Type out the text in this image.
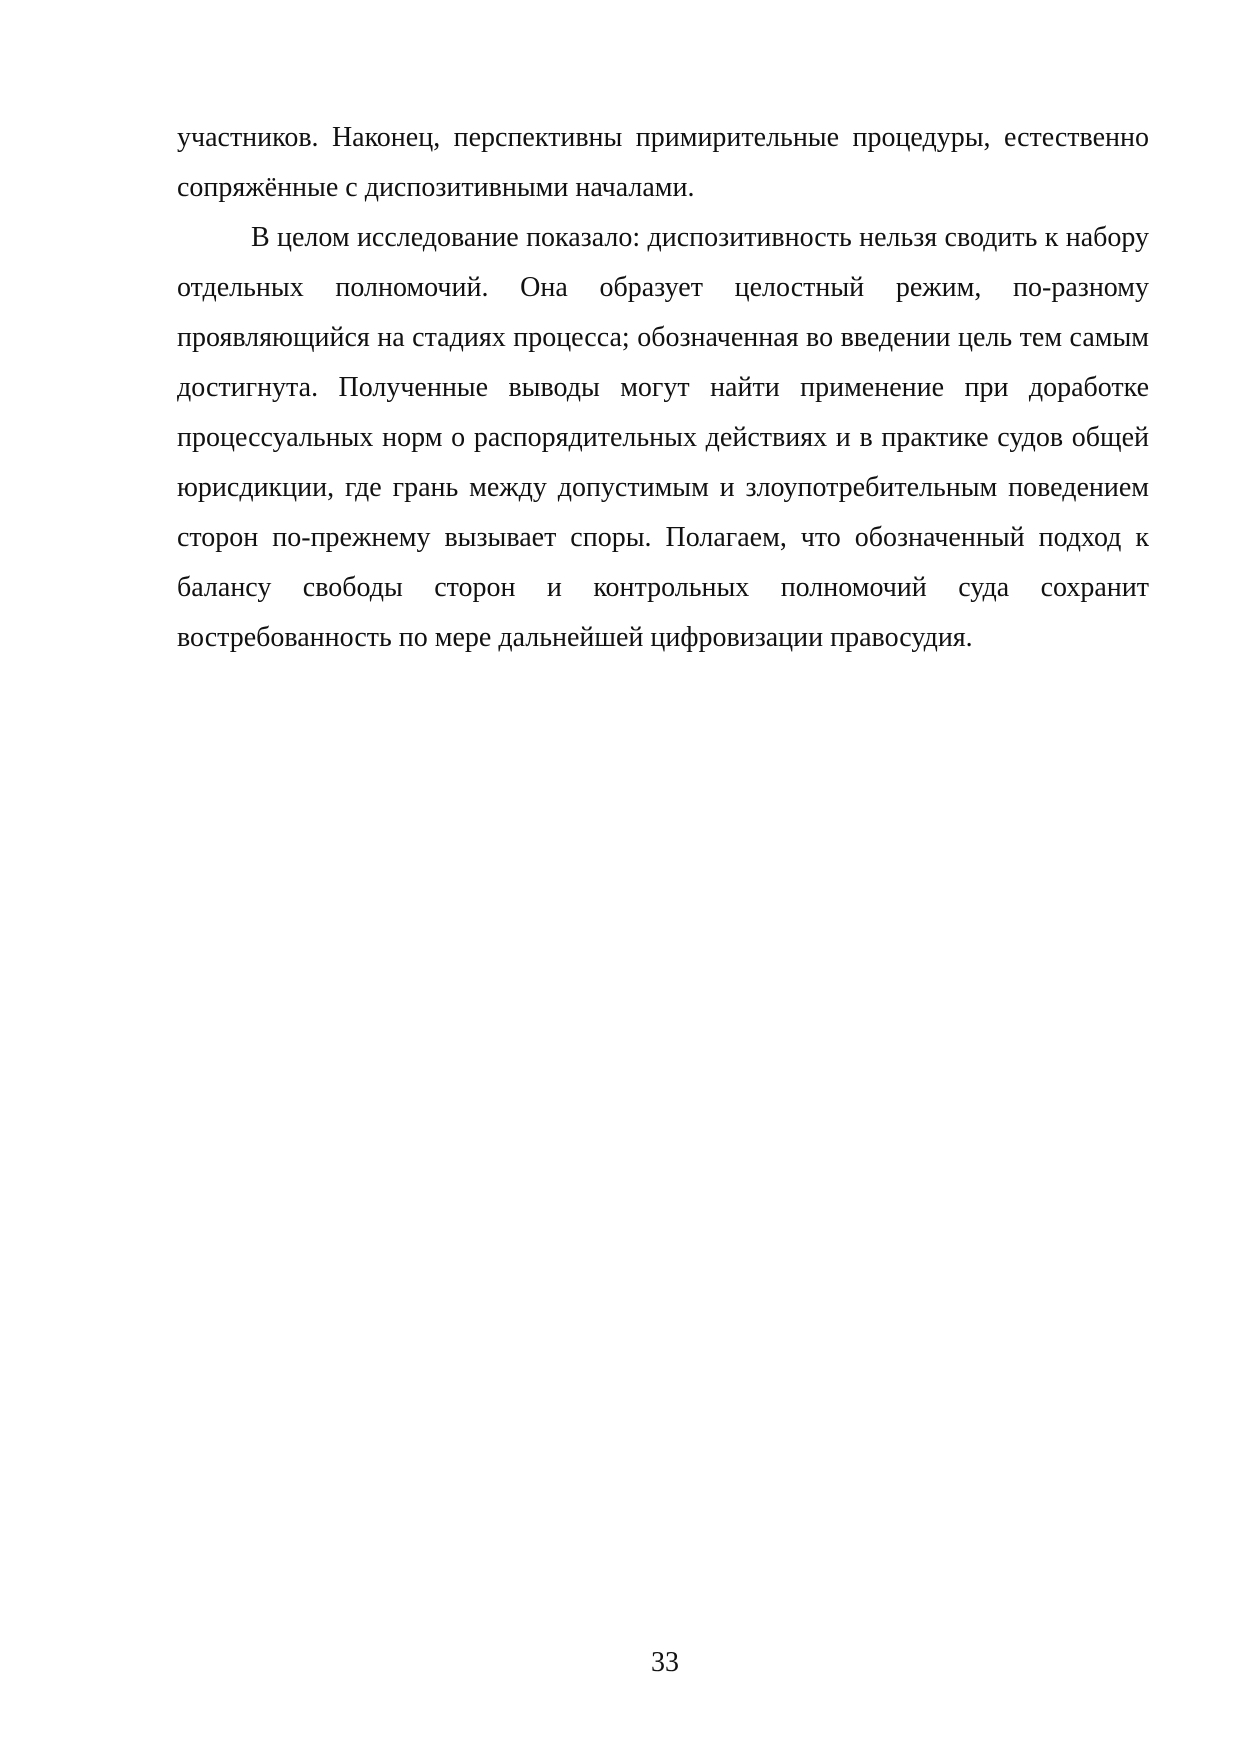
участников. Наконец, перспективны примирительные процедуры, естественно сопряжённые с диспозитивными началами.

В целом исследование показало: диспозитивность нельзя сводить к набору отдельных полномочий. Она образует целостный режим, по-разному проявляющийся на стадиях процесса; обозначенная во введении цель тем самым достигнута. Полученные выводы могут найти применение при доработке процессуальных норм о распорядительных действиях и в практике судов общей юрисдикции, где грань между допустимым и злоупотребительным поведением сторон по-прежнему вызывает споры. Полагаем, что обозначенный подход к балансу свободы сторон и контрольных полномочий суда сохранит востребованность по мере дальнейшей цифровизации правосудия.

33
